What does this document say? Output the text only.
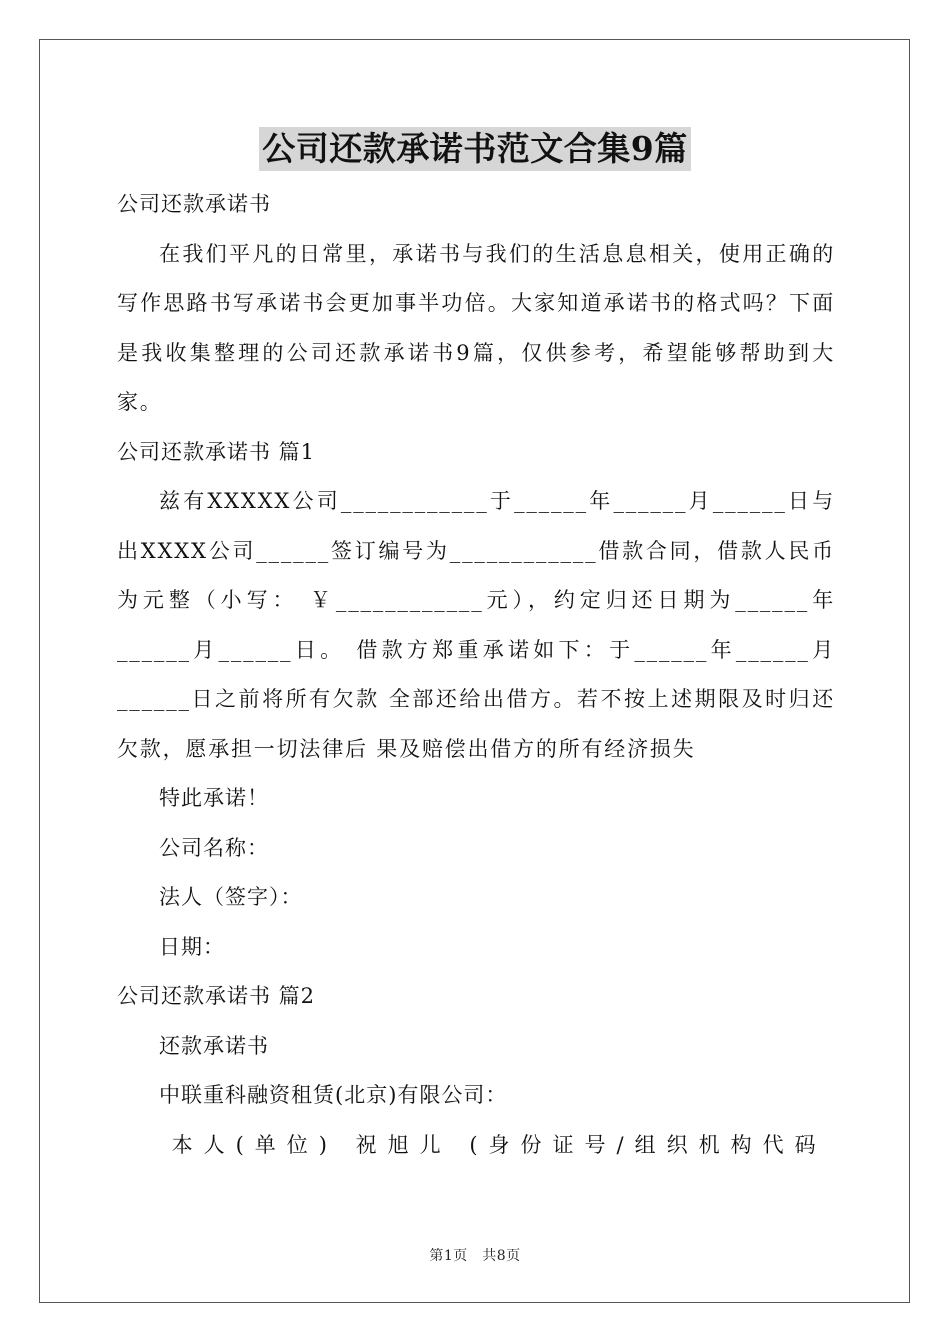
公司还款承诺书范文合集9篇

公司还款承诺书

在我们平凡的日常里，承诺书与我们的生活息息相关，使用正确的写作思路书写承诺书会更加事半功倍。大家知道承诺书的格式吗？下面是我收集整理的公司还款承诺书9篇，仅供参考，希望能够帮助到大家。

公司还款承诺书 篇1

兹有XXXXX公司____________于______年______月______日与出XXXX公司______签订编号为____________借款合同，借款人民币为元整（小写： ￥____________元），约定归还日期为______年______月______日。 借款方郑重承诺如下：于______年______月______日之前将所有欠款 全部还给出借方。若不按上述期限及时归还欠款，愿承担一切法律后 果及赔偿出借方的所有经济损失

特此承诺！

公司名称：

法人（签字）：

日期：

公司还款承诺书 篇2

还款承诺书

中联重科融资租赁(北京)有限公司：

本人(单位) 祝旭儿 (身份证号/组织机构代码

第1页　共8页
